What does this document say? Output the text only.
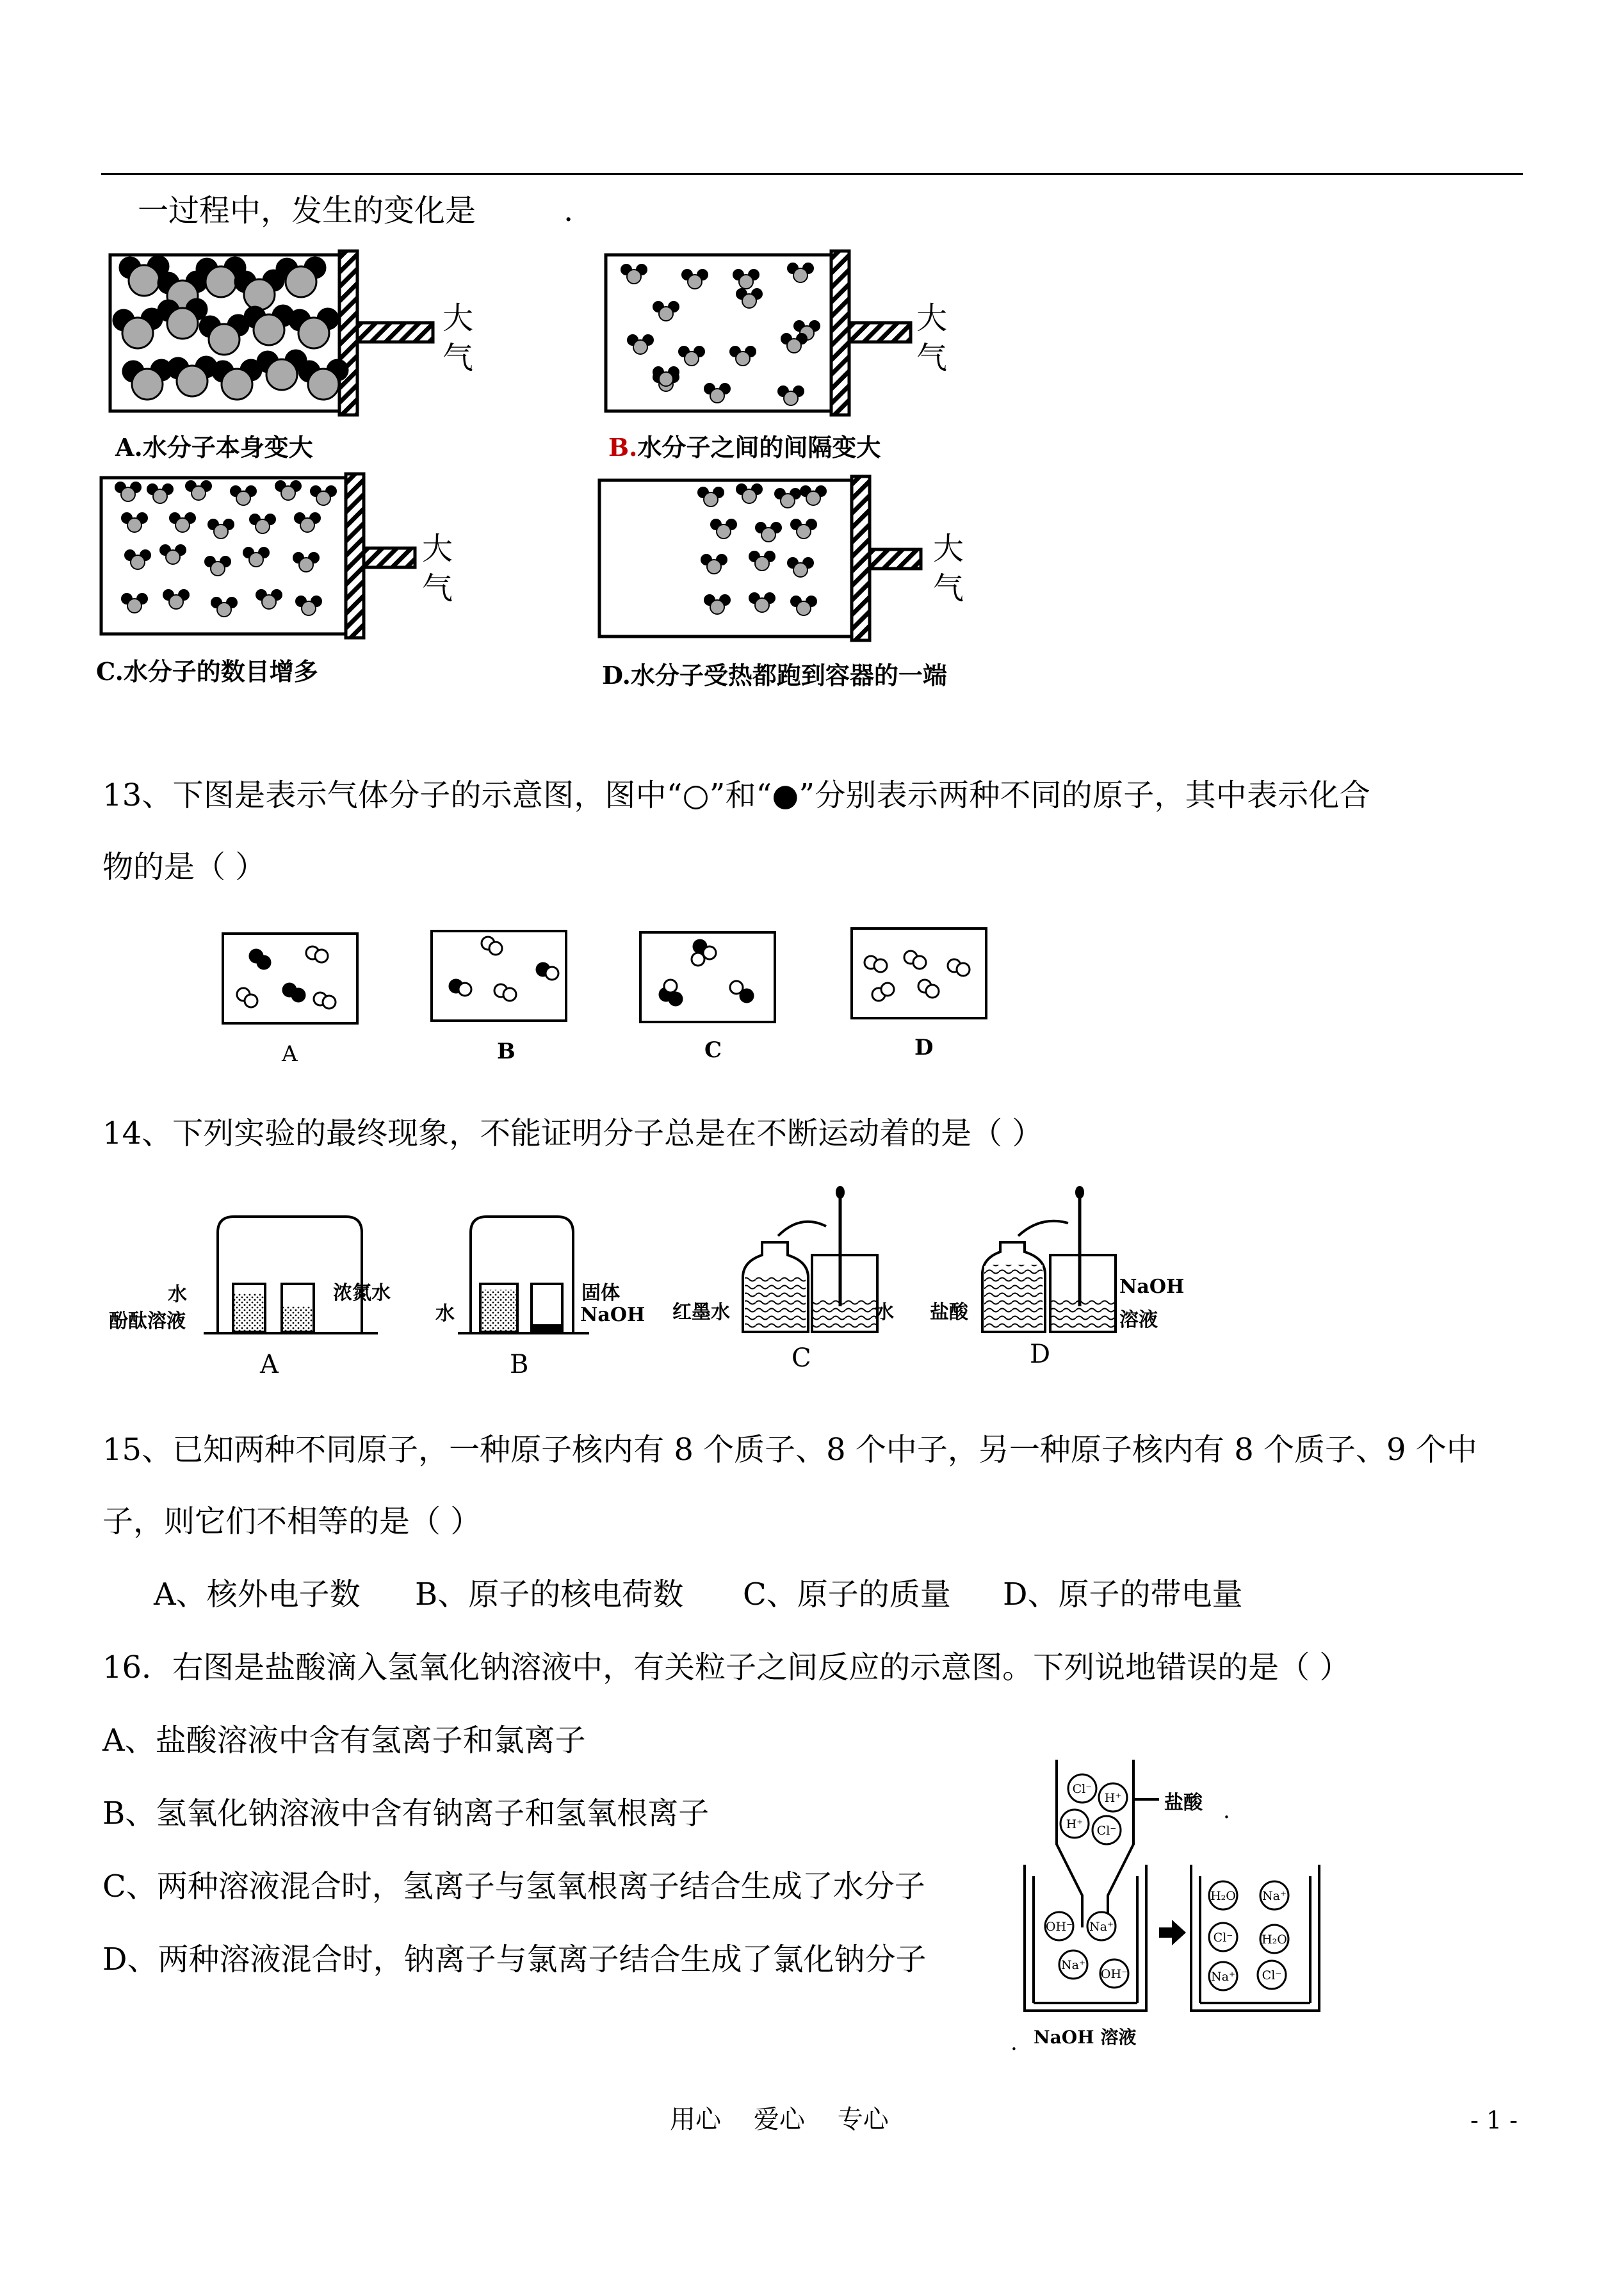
一过程中，发生的变化是	.
大气
大气
大气
大气
A.水分子本身变大	B.水分子之间的间隔变大
C.水分子的数目增多	D.水分子受热都跑到容器的一端
13、下图是表示气体分子的示意图，图中“○”和“●”分别表示两种不同的原子，其中表示化合
物的是（ ）
A	B	C	D
14、下列实验的最终现象，不能证明分子总是在不断运动着的是（ ）
水
酚酞溶液
浓氮水
A
水
固体
NaOH
B
红墨水	水
C
盐酸
NaOH
溶液
D
15、已知两种不同原子，一种原子核内有 8 个质子、8 个中子，另一种原子核内有 8 个质子、9 个中
子，则它们不相等的是（ ）
A、核外电子数 B、原子的核电荷数 C、原子的质量 D、原子的带电量
16．右图是盐酸滴入氢氧化钠溶液中，有关粒子之间反应的示意图。下列说地错误的是（ ）
A、盐酸溶液中含有氢离子和氯离子
B、氢氧化钠溶液中含有钠离子和氢氧根离子
C、两种溶液混合时，氢离子与氢氧根离子结合生成了水分子
D、两种溶液混合时，钠离子与氯离子结合生成了氯化钠分子
Cl⁻
H⁺
H⁺ Cl⁻
OH⁻ Na⁺
Na⁺
OH⁻
H₂O Na⁺
Cl⁻ H₂O
Na⁺ Cl⁻
盐酸 .
NaOH 溶液
.
用心    爱心    专心	- 1 -
